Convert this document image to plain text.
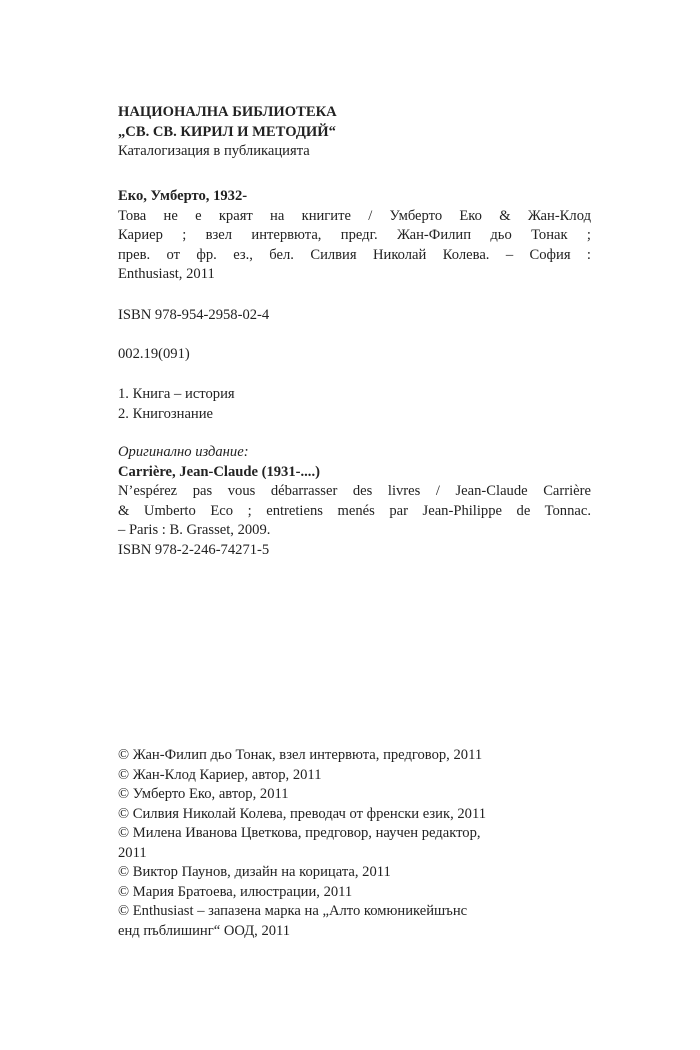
НАЦИОНАЛНА БИБЛИОТЕКА
„СВ. СВ. КИРИЛ И МЕТОДИЙ“
Каталогизация в публикацията
Еко, Умберто, 1932-
Това не е краят на книгите / Умберто Еко & Жан-Клод
Кариер ; взел интервюта, предг. Жан-Филип дьо Тонак ;
прев. от фр. ез., бел. Силвия Николай Колева. – София :
Enthusiast, 2011
ISBN 978-954-2958-02-4
002.19(091)
1. Книга – история
2. Книгознание
Оригинално издание:
Carrière, Jean-Claude (1931-....)
N’espérez pas vous débarrasser des livres / Jean-Claude Carrière
& Umberto Eco ; entretiens menés par Jean-Philippe de Tonnac.
– Paris : B. Grasset, 2009.
ISBN 978-2-246-74271-5
© Жан-Филип дьо Тонак, взел интервюта, предговор, 2011
© Жан-Клод Кариер, автор, 2011
© Умберто Еко, автор, 2011
© Силвия Николай Колева, преводач от френски език, 2011
© Милена Иванова Цветкова, предговор, научен редактор,
2011
© Виктор Паунов, дизайн на корицата, 2011
© Мария Братоева, илюстрации, 2011
© Enthusiast – запазена марка на „Алто комюникейшънс
енд пъблишинг“ ООД, 2011
